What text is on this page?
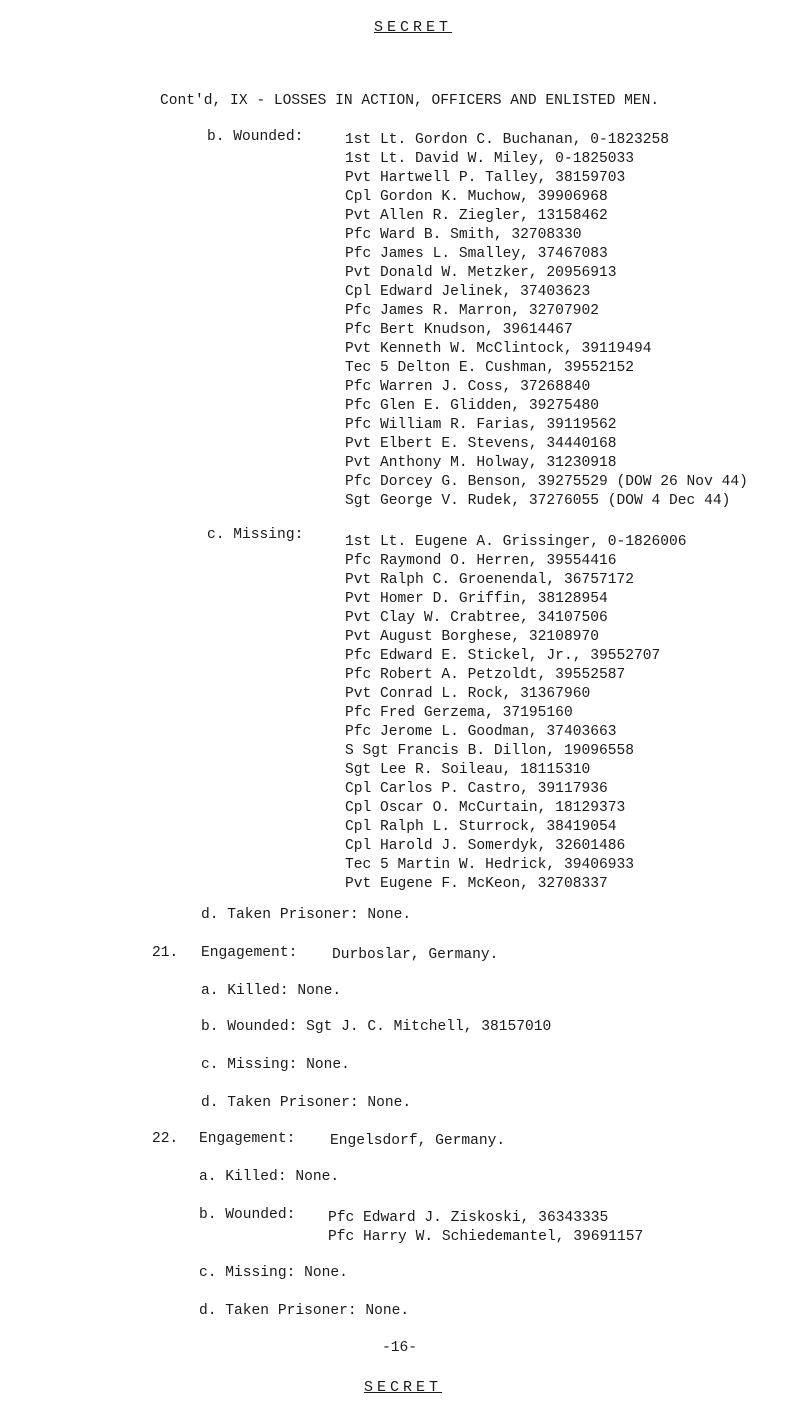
SECRET
Cont'd, IX - LOSSES IN ACTION, OFFICERS AND ENLISTED MEN.
b. Wounded:	1st Lt. Gordon C. Buchanan, 0-1823258
1st Lt. David W. Miley, 0-1825033
Pvt Hartwell P. Talley, 38159703
Cpl Gordon K. Muchow, 39906968
Pvt Allen R. Ziegler, 13158462
Pfc Ward B. Smith, 32708330
Pfc James L. Smalley, 37467083
Pvt Donald W. Metzker, 20956913
Cpl Edward Jelinek, 37403623
Pfc James R. Marron, 32707902
Pfc Bert Knudson, 39614467
Pvt Kenneth W. McClintock, 39119494
Tec 5 Delton E. Cushman, 39552152
Pfc Warren J. Coss, 37268840
Pfc Glen E. Glidden, 39275480
Pfc William R. Farias, 39119562
Pvt Elbert E. Stevens, 34440168
Pvt Anthony M. Holway, 31230918
Pfc Dorcey G. Benson, 39275529 (DOW 26 Nov 44)
Sgt George V. Rudek, 37276055 (DOW 4 Dec 44)
c. Missing:	1st Lt. Eugene A. Grissinger, 0-1826006
Pfc Raymond O. Herren, 39554416
Pvt Ralph C. Groenendal, 36757172
Pvt Homer D. Griffin, 38128954
Pvt Clay W. Crabtree, 34107506
Pvt August Borghese, 32108970
Pfc Edward E. Stickel, Jr., 39552707
Pfc Robert A. Petzoldt, 39552587
Pvt Conrad L. Rock, 31367960
Pfc Fred Gerzema, 37195160
Pfc Jerome L. Goodman, 37403663
S Sgt Francis B. Dillon, 19096558
Sgt Lee R. Soileau, 18115310
Cpl Carlos P. Castro, 39117936
Cpl Oscar O. McCurtain, 18129373
Cpl Ralph L. Sturrock, 38419054
Cpl Harold J. Somerdyk, 32601486
Tec 5 Martin W. Hedrick, 39406933
Pvt Eugene F. McKeon, 32708337
d. Taken Prisoner: None.
21. Engagement: Durboslar, Germany.
a. Killed: None.
b. Wounded: Sgt J. C. Mitchell, 38157010
c. Missing: None.
d. Taken Prisoner: None.
22. Engagement: Engelsdorf, Germany.
a. Killed: None.
b. Wounded: Pfc Edward J. Ziskoski, 36343335
Pfc Harry W. Schiedemantel, 39691157
c. Missing: None.
d. Taken Prisoner: None.
-16-
SECRET
